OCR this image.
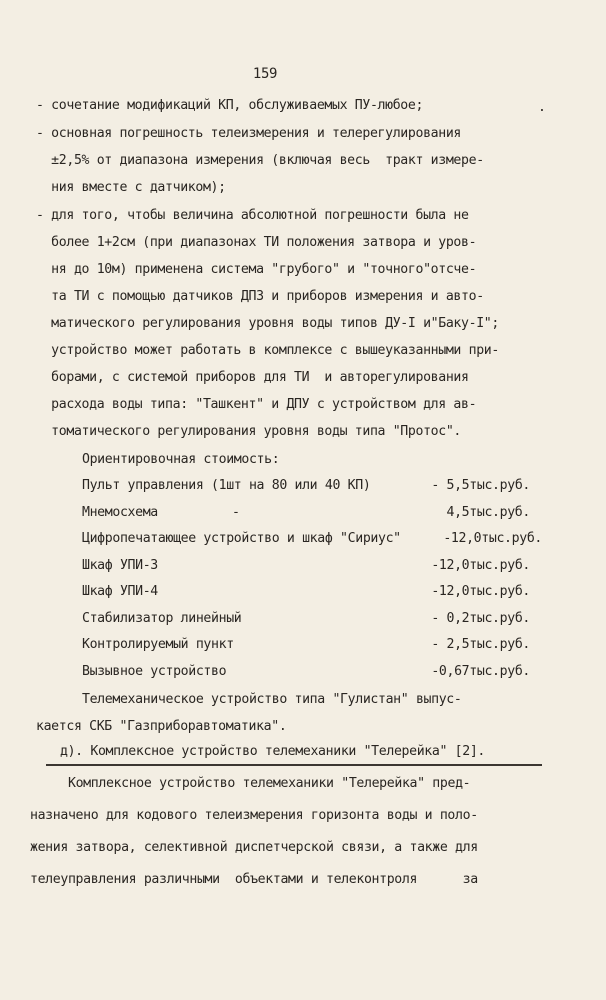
159
.
- сочетание модификаций КП, обслуживаемых ПУ-любое;
- основная погрешность телеизмерения и телерегулирования
±2,5% от диапазона измерения (включая весь  тракт измере-
ния вместе с датчиком);
- для того, чтобы величина абсолютной погрешности была не
более 1+2см (при диапазонах ТИ положения затвора и уров-
ня до 10м) применена система "грубого" и "точного"отсче-
та ТИ с помощью датчиков ДПЗ и приборов измерения и авто-
матического регулирования уровня воды типов ДУ-I и"Баку-I";
устройство может работать в комплексе с вышеуказанными при-
борами, с системой приборов для ТИ  и авторегулирования
расхода воды типа: "Ташкент" и ДПУ с устройством для ав-
томатического регулирования уровня воды типа "Протос".
Ориентировочная стоимость:
Пульт управления (1шт на 80 или 40 КП)	- 5,5тыс.руб.
Мнемосхема	-	4,5тыс.руб.
Цифропечатающее устройство и шкаф "Сириус"	-12,0тыс.руб.
Шкаф УПИ-3	-12,0тыс.руб.
Шкаф УПИ-4	-12,0тыс.руб.
Стабилизатор линейный	- 0,2тыс.руб.
Контролируемый пункт	- 2,5тыс.руб.
Вызывное устройство	-0,67тыс.руб.
Телемеханическое устройство типа "Гулистан" выпус-
кается СКБ "Газприборавтоматика".
д). Комплексное устройство телемеханики "Телерейка" [2].
Комплексное устройство телемеханики "Телерейка" пред-
назначено для кодового телеизмерения горизонта воды и поло-
жения затвора, селективной диспетчерской связи, а также для
телеуправления различными  объектами и телеконтроля      за
